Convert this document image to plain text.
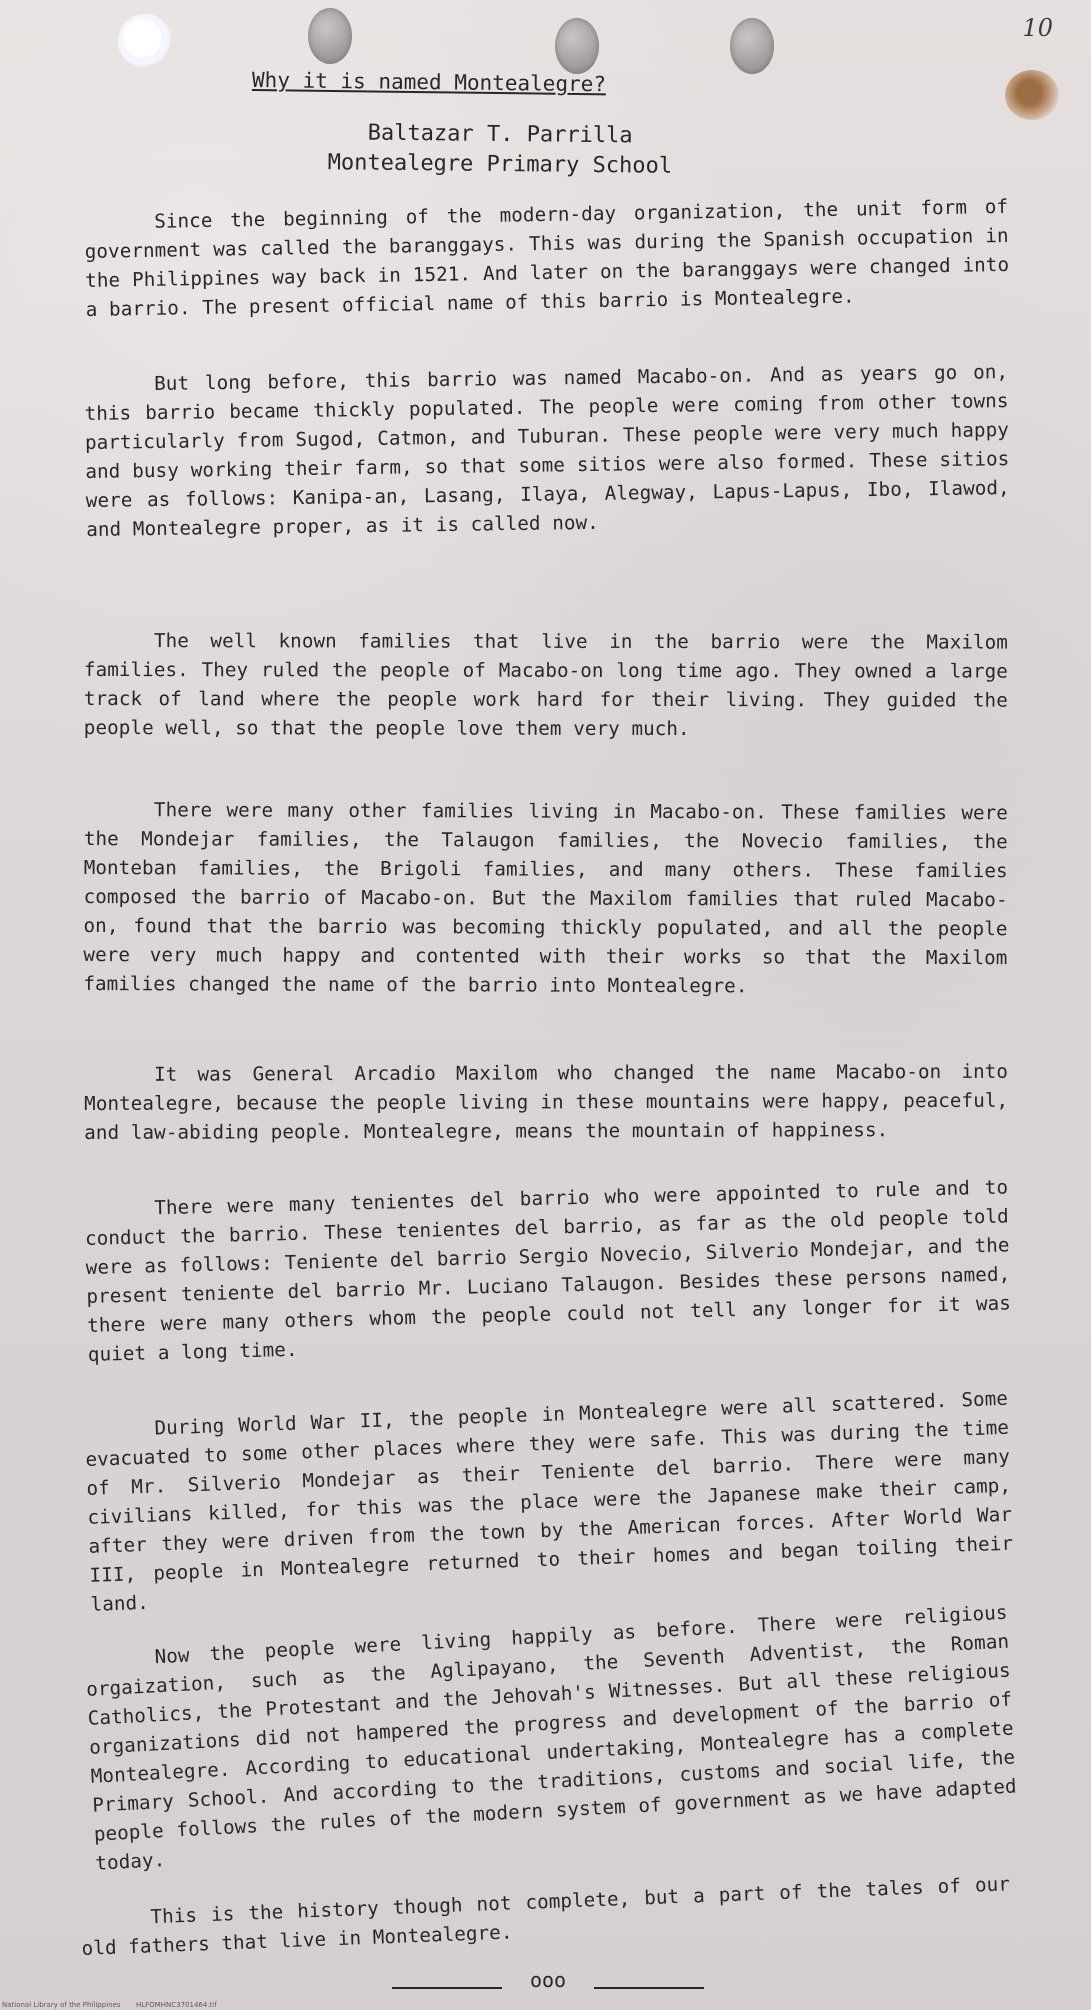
10
Why it is named Montealegre?
Baltazar T. Parrilla
Montealegre Primary School
Since the beginning of the modern-day organization, the unit form of government was called the baranggays. This was during the Spanish occupation in the Philippines way back in 1521. And later on the baranggays were changed into a barrio. The present official name of this barrio is Montealegre.
But long before, this barrio was named Macabo-on. And as years go on, this barrio became thickly populated. The people were coming from other towns particularly from Sugod, Catmon, and Tuburan. These people were very much happy and busy working their farm, so that some sitios were also formed. These sitios were as follows: Kanipa-an, Lasang, Ilaya, Alegway, Lapus-Lapus, Ibo, Ilawod, and Montealegre proper, as it is called now.
The well known families that live in the barrio were the Maxilom families. They ruled the people of Macabo-on long time ago. They owned a large track of land where the people work hard for their living. They guided the people well, so that the people love them very much.
There were many other families living in Macabo-on. These families were the Mondejar families, the Talaugon families, the Novecio families, the Monteban families, the Brigoli families, and many others. These families composed the barrio of Macabo-on. But the Maxilom families that ruled Macabo-on, found that the barrio was becoming thickly populated, and all the people were very much happy and contented with their works so that the Maxilom families changed the name of the barrio into Montealegre.
It was General Arcadio Maxilom who changed the name Macabo-on into Montealegre, because the people living in these mountains were happy, peaceful, and law-abiding people. Montealegre, means the mountain of happiness.
There were many tenientes del barrio who were appointed to rule and to conduct the barrio. These tenientes del barrio, as far as the old people told were as follows: Teniente del barrio Sergio Novecio, Silverio Mondejar, and the present teniente del barrio Mr. Luciano Talaugon. Besides these persons named, there were many others whom the people could not tell any longer for it was quiet a long time.
During World War II, the people in Montealegre were all scattered. Some evacuated to some other places where they were safe. This was during the time of Mr. Silverio Mondejar as their Teniente del barrio. There were many civilians killed, for this was the place were the Japanese make their camp, after they were driven from the town by the American forces. After World War III, people in Montealegre returned to their homes and began toiling their land. Now the people were living happily as before. There were religious orgaization, such as the Aglipayano, the Seventh Adventist, the Roman Catholics, the Protestant and the Jehovah's Witnesses. But all these religious organizations did not hampered the progress and development of the barrio of Montealegre. According to educational undertaking, Montealegre has a complete Primary School. And according to the traditions, customs and social life, the people follows the rules of the modern system of government as we have adapted today.
This is the history though not complete, but a part of the tales of our old fathers that live in Montealegre.
ooo
National Library of the Philippines HLFOMHNC3701464.tif
